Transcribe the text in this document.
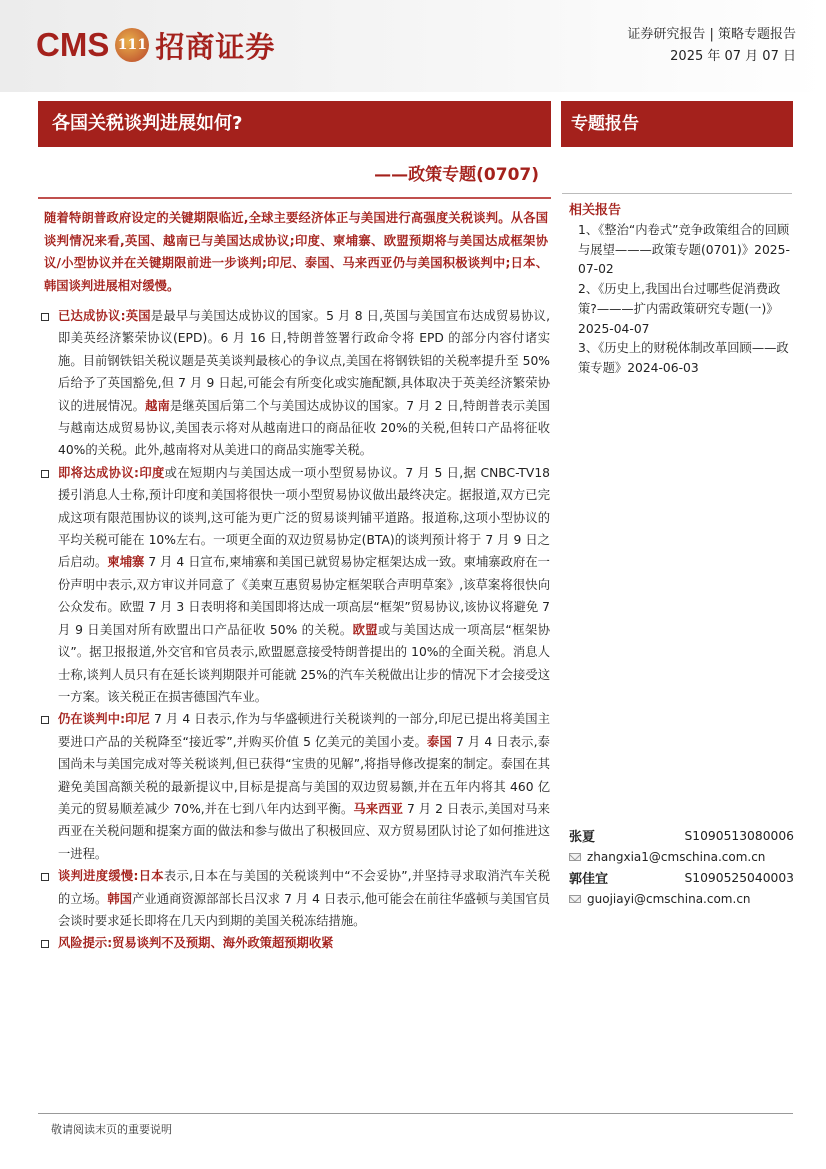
CMS 111 招商证券	证券研究报告 | 策略专题报告
2025 年 07 月 07 日
各国关税谈判进展如何?	专题报告
——政策专题(0707)
随着特朗普政府设定的关键期限临近,全球主要经济体正与美国进行高强度关税谈判。从各国谈判情况来看,英国、越南已与美国达成协议;印度、柬埔寨、欧盟预期将与美国达成框架协议/小型协议并在关键期限前进一步谈判;印尼、泰国、马来西亚仍与美国积极谈判中;日本、韩国谈判进展相对缓慢。
已达成协议:英国是最早与美国达成协议的国家。5 月 8 日,英国与美国宣布达成贸易协议,即美英经济繁荣协议(EPD)。6 月 16 日,特朗普签署行政命令将 EPD 的部分内容付诸实施。目前钢铁铝关税议题是英美谈判最核心的争议点,美国在将钢铁铝的关税率提升至 50%后给予了英国豁免,但 7 月 9 日起,可能会有所变化或实施配额,具体取决于英美经济繁荣协议的进展情况。越南是继英国后第二个与美国达成协议的国家。7 月 2 日,特朗普表示美国与越南达成贸易协议,美国表示将对从越南进口的商品征收 20%的关税,但转口产品将征收 40%的关税。此外,越南将对从美进口的商品实施零关税。
即将达成协议:印度或在短期内与美国达成一项小型贸易协议。7 月 5 日,据 CNBC-TV18 援引消息人士称,预计印度和美国将很快一项小型贸易协议做出最终决定。据报道,双方已完成这项有限范围协议的谈判,这可能为更广泛的贸易谈判铺平道路。报道称,这项小型协议的平均关税可能在 10%左右。一项更全面的双边贸易协定(BTA)的谈判预计将于 7 月 9 日之后启动。柬埔寨 7 月 4 日宣布,柬埔寨和美国已就贸易协定框架达成一致。柬埔寨政府在一份声明中表示,双方审议并同意了《美柬互惠贸易协定框架联合声明草案》,该草案将很快向公众发布。欧盟 7 月 3 日表明将和美国即将达成一项高层“框架”贸易协议,该协议将避免 7 月 9 日美国对所有欧盟出口产品征收 50% 的关税。欧盟或与美国达成一项高层“框架协议”。据卫报报道,外交官和官员表示,欧盟愿意接受特朗普提出的 10%的全面关税。消息人士称,谈判人员只有在延长谈判期限并可能就 25%的汽车关税做出让步的情况下才会接受这一方案。该关税正在损害德国汽车业。
仍在谈判中:印尼 7 月 4 日表示,作为与华盛顿进行关税谈判的一部分,印尼已提出将美国主要进口产品的关税降至“接近零”,并购买价值 5 亿美元的美国小麦。泰国 7 月 4 日表示,泰国尚未与美国完成对等关税谈判,但已获得“宝贵的见解”,将指导修改提案的制定。泰国在其避免美国高额关税的最新提议中,目标是提高与美国的双边贸易额,并在五年内将其 460 亿美元的贸易顺差减少 70%,并在七到八年内达到平衡。马来西亚 7 月 2 日表示,美国对马来西亚在关税问题和提案方面的做法和参与做出了积极回应、双方贸易团队讨论了如何推进这一进程。
谈判进度缓慢:日本表示,日本在与美国的关税谈判中“不会妥协”,并坚持寻求取消汽车关税的立场。韩国产业通商资源部部长吕汉求 7 月 4 日表示,他可能会在前往华盛顿与美国官员会谈时要求延长即将在几天内到期的美国关税冻结措施。
风险提示:贸易谈判不及预期、海外政策超预期收紧
相关报告
1、《整治“内卷式”竞争政策组合的回顾与展望———政策专题(0701)》2025-07-02
2、《历史上,我国出台过哪些促消费政策?———扩内需政策研究专题(一)》2025-04-07
3、《历史上的财税体制改革回顾——政策专题》2024-06-03
张夏	S1090513080006
zhangxia1@cmschina.com.cn
郭佳宜	S1090525040003
guojiayi@cmschina.com.cn
敬请阅读末页的重要说明
